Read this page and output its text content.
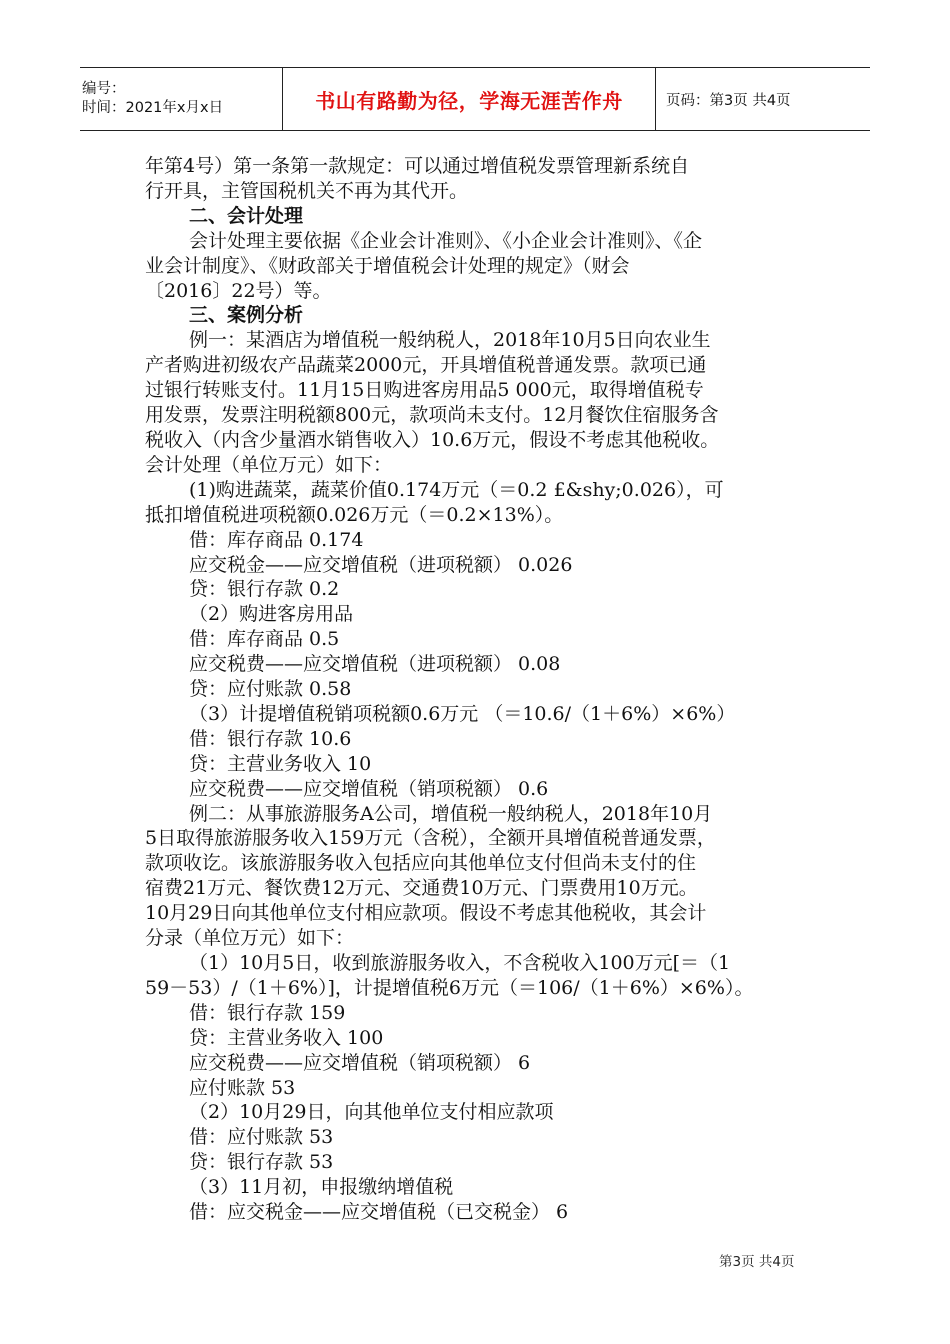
编号：
时间：2021年x月x日	书山有路勤为径，学海无涯苦作舟	页码：第3页 共4页
年第4号）第一条第一款规定：可以通过增值税发票管理新系统自
行开具，主管国税机关不再为其代开。
二、会计处理
会计处理主要依据《企业会计准则》、《小企业会计准则》、《企
业会计制度》、《财政部关于增值税会计处理的规定》（财会
〔2016〕22号）等。
三、案例分析
例一：某酒店为增值税一般纳税人，2018年10月5日向农业生
产者购进初级农产品蔬菜2000元，开具增值税普通发票。款项已通
过银行转账支付。11月15日购进客房用品5 000元，取得增值税专
用发票，发票注明税额800元，款项尚未支付。12月餐饮住宿服务含
税收入（内含少量酒水销售收入）10.6万元，假设不考虑其他税收。
会计处理（单位万元）如下：
(1)购进蔬菜，蔬菜价值0.174万元（＝0.2 £&shy;0.026），可
抵扣增值税进项税额0.026万元（＝0.2×13%）。
借：库存商品 0.174
应交税金——应交增值税（进项税额） 0.026
贷：银行存款 0.2
（2）购进客房用品
借：库存商品 0.5
应交税费——应交增值税（进项税额） 0.08
贷：应付账款 0.58
（3）计提增值税销项税额0.6万元 （＝10.6/（1＋6%）×6%）
借：银行存款 10.6
贷：主营业务收入 10
应交税费——应交增值税（销项税额） 0.6
例二：从事旅游服务A公司，增值税一般纳税人，2018年10月
5日取得旅游服务收入159万元（含税），全额开具增值税普通发票，
款项收讫。该旅游服务收入包括应向其他单位支付但尚未支付的住
宿费21万元、餐饮费12万元、交通费10万元、门票费用10万元。
10月29日向其他单位支付相应款项。假设不考虑其他税收，其会计
分录（单位万元）如下：
（1）10月5日，收到旅游服务收入，不含税收入100万元[＝（1
59－53）/（1＋6%）]，计提增值税6万元（＝106/（1＋6%）×6%）。
借：银行存款 159
贷：主营业务收入 100
应交税费——应交增值税（销项税额） 6
应付账款 53
（2）10月29日，向其他单位支付相应款项
借：应付账款 53
贷：银行存款 53
（3）11月初，申报缴纳增值税
借：应交税金——应交增值税（已交税金） 6
第3页 共4页
